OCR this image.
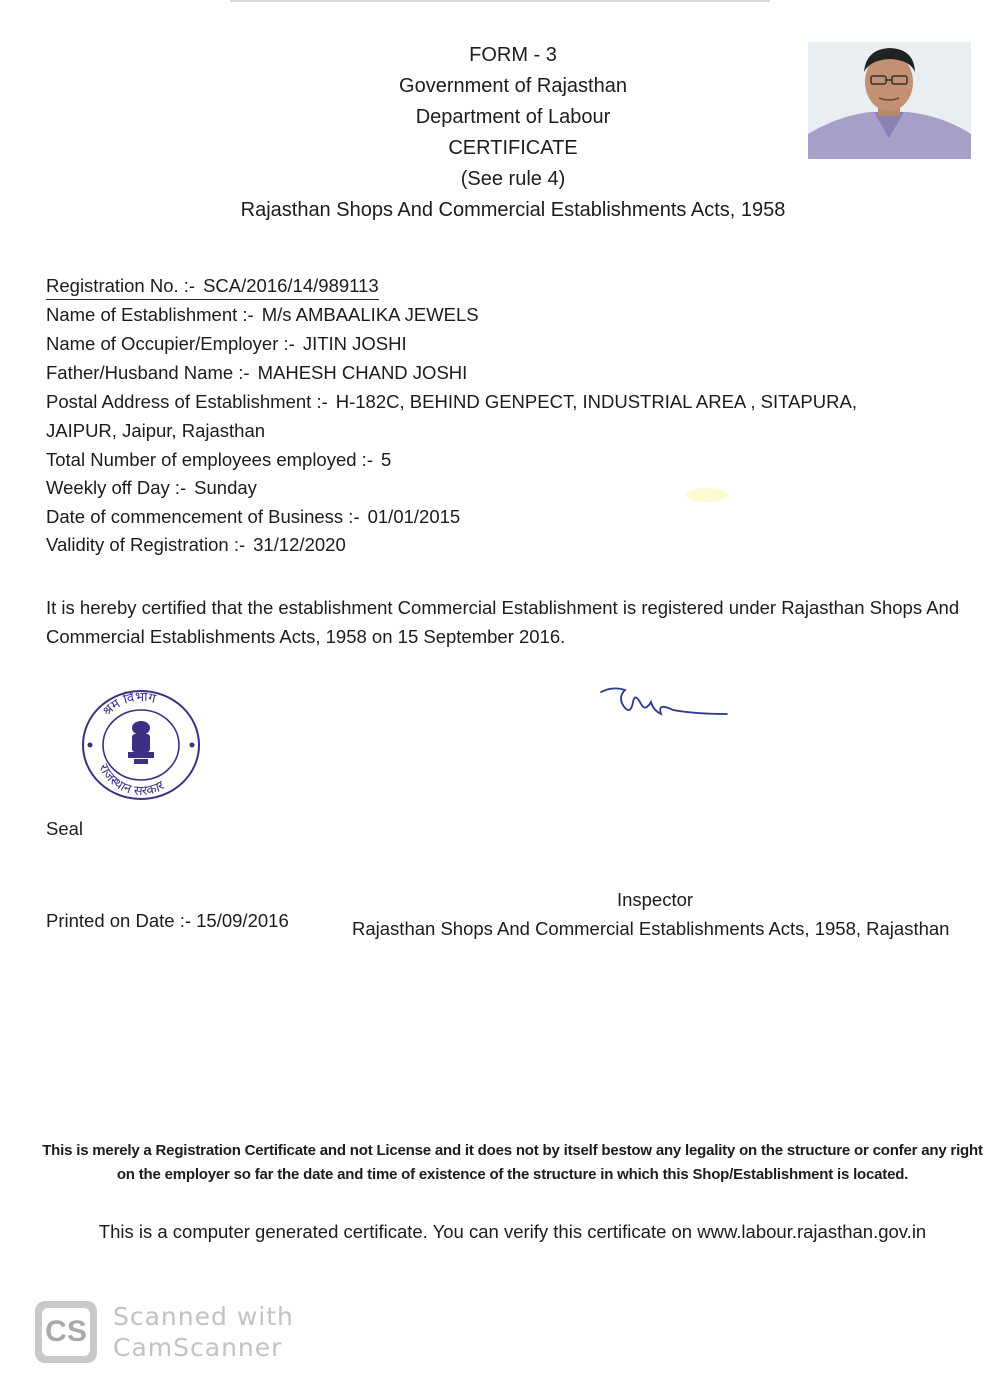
FORM - 3
Government of Rajasthan
Department of Labour
CERTIFICATE
(See rule 4)
Rajasthan Shops And Commercial Establishments Acts, 1958
Registration No. :- SCA/2016/14/989113
Name of Establishment :- M/s AMBAALIKA JEWELS
Name of Occupier/Employer :- JITIN JOSHI
Father/Husband Name :- MAHESH CHAND JOSHI
Postal Address of Establishment :- H-182C, BEHIND GENPECT, INDUSTRIAL AREA , SITAPURA,
JAIPUR, Jaipur, Rajasthan
Total Number of employees employed :- 5
Weekly off Day :- Sunday
Date of commencement of Business :- 01/01/2015
Validity of Registration :- 31/12/2020
It is hereby certified that the establishment Commercial Establishment is registered under Rajasthan Shops And Commercial Establishments Acts, 1958 on 15 September 2016.
श्रम विभाग
राजस्थान सरकार
Seal
Printed on Date :- 15/09/2016
Inspector
Rajasthan Shops And Commercial Establishments Acts, 1958, Rajasthan
This is merely a Registration Certificate and not License and it does not by itself bestow any legality on the structure or confer any right on the employer so far the date and time of existence of the structure in which this Shop/Establishment is located.
This is a computer generated certificate. You can verify this certificate on www.labour.rajasthan.gov.in
CS Scanned with
CamScanner
